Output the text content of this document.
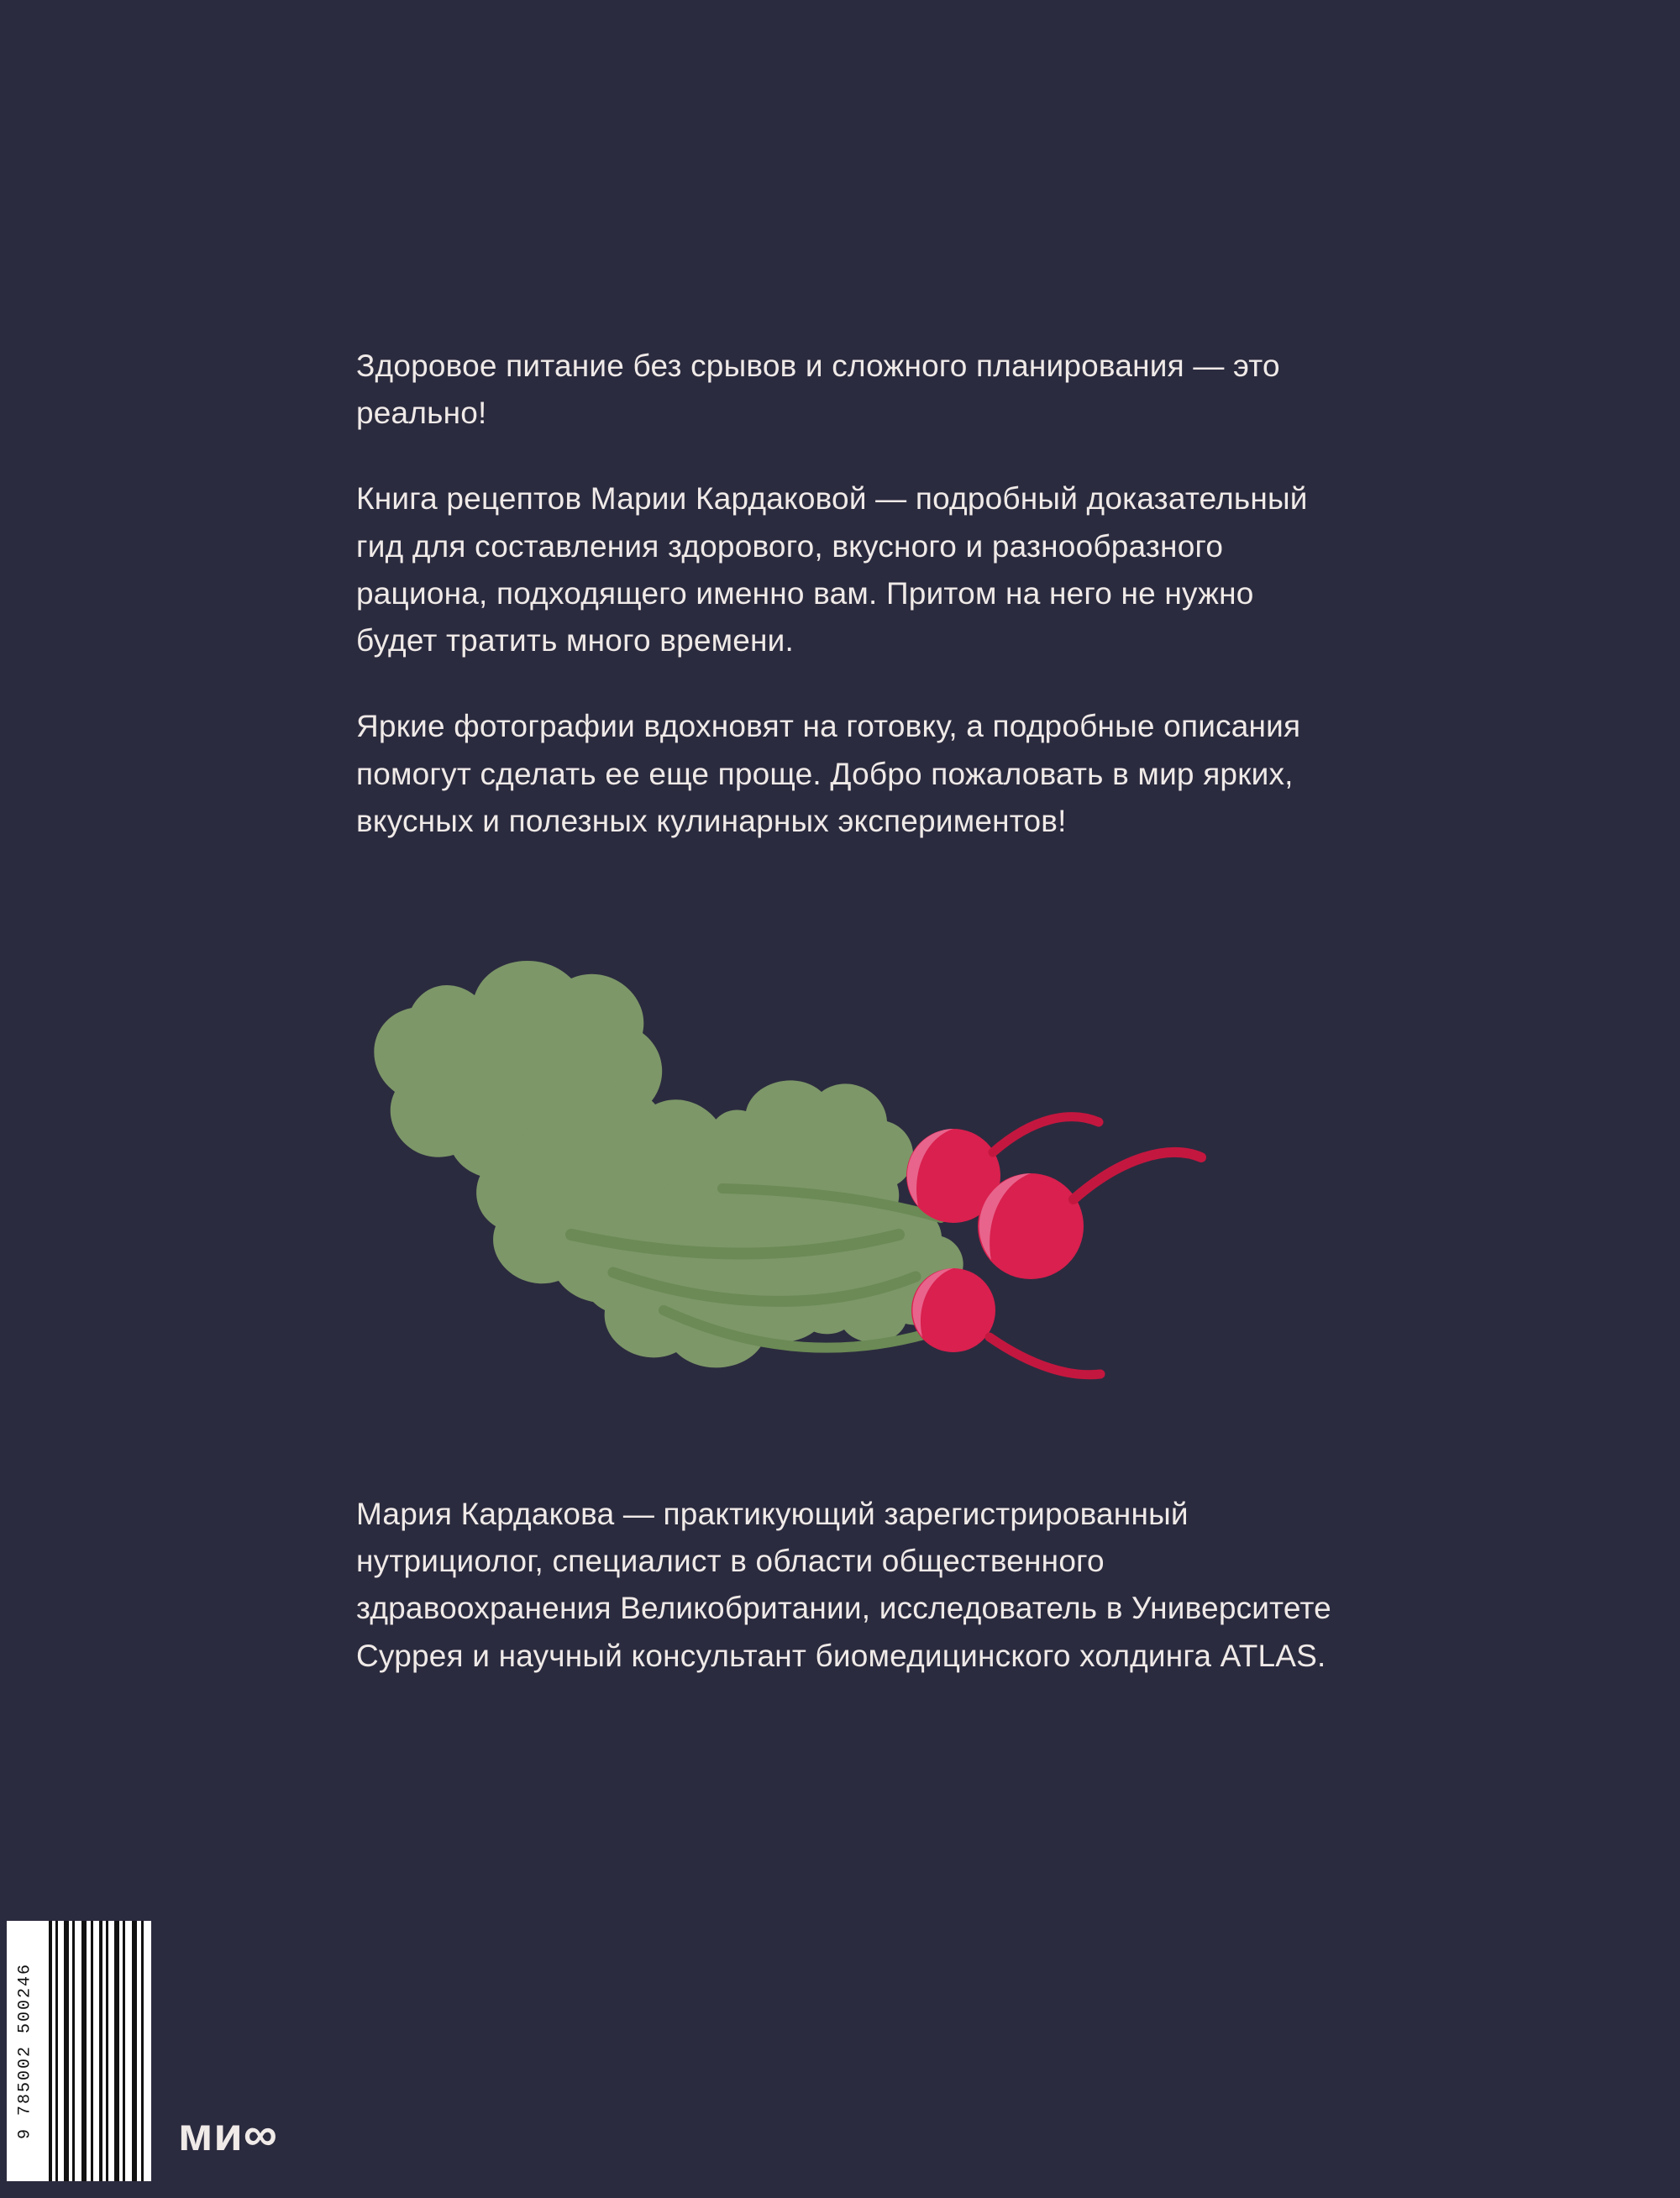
Здоровое питание без срывов и сложного планирования — это реально!

Книга рецептов Марии Кардаковой — подробный доказательный гид для составления здорового, вкусного и разнообразного рациона, подходящего именно вам. Притом на него не нужно будет тратить много времени.

Яркие фотографии вдохновят на готовку, а подробные описания помогут сделать ее еще проще. Добро пожаловать в мир ярких, вкусных и полезных кулинарных экспериментов!

Мария Кардакова — практикующий зарегистрированный нутрициолог, специалист в области общественного здравоохранения Великобритании, исследователь в Университете Суррея и научный консультант биомедицинского холдинга ATLAS.

9 785002 500246	ми∞
